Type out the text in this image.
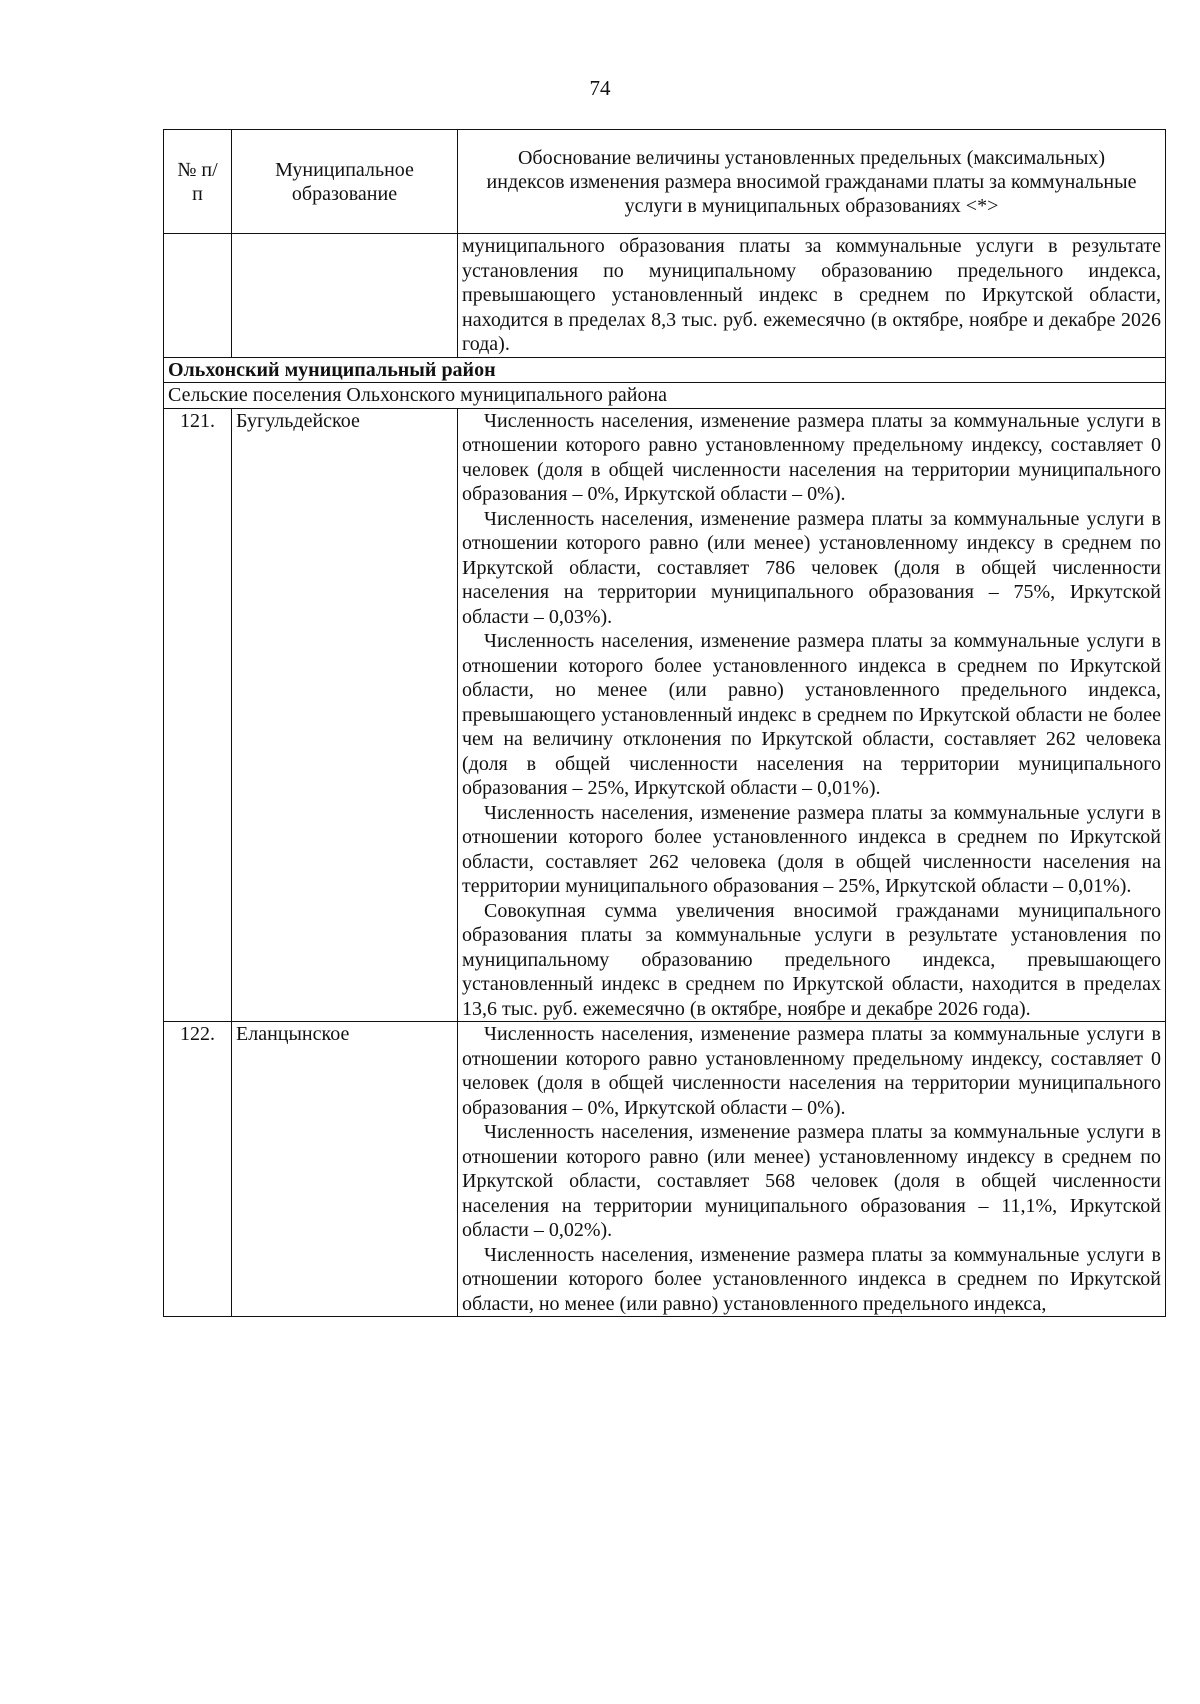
74
№ п/п	Муниципальное образование	Обоснование величины установленных предельных (максимальных) индексов изменения размера вносимой гражданами платы за коммунальные услуги в муниципальных образованиях <*>

		муниципального образования платы за коммунальные услуги в результате установления по муниципальному образованию предельного индекса, превышающего установленный индекс в среднем по Иркутской области, находится в пределах 8,3 тыс. руб. ежемесячно (в октябре, ноябре и декабре 2026 года).

Ольхонский муниципальный район		
Сельские поселения Ольхонского муниципального района		
121.	Бугульдейское	Численность населения, изменение размера платы за коммунальные услуги в отношении которого равно установленному предельному индексу, составляет 0 человек (доля в общей численности населения на территории муниципального образования – 0%, Иркутской области – 0%).
Численность населения, изменение размера платы за коммунальные услуги в отношении которого равно (или менее) установленному индексу в среднем по Иркутской области, составляет 786 человек (доля в общей численности населения на территории муниципального образования – 75%, Иркутской области – 0,03%).
Численность населения, изменение размера платы за коммунальные услуги в отношении которого более установленного индекса в среднем по Иркутской области, но менее (или равно) установленного предельного индекса, превышающего установленный индекс в среднем по Иркутской области не более чем на величину отклонения по Иркутской области, составляет 262 человека (доля в общей численности населения на территории муниципального образования – 25%, Иркутской области – 0,01%).
Численность населения, изменение размера платы за коммунальные услуги в отношении которого более установленного индекса в среднем по Иркутской области, составляет 262 человека (доля в общей численности населения на территории муниципального образования – 25%, Иркутской области – 0,01%).
Совокупная сумма увеличения вносимой гражданами муниципального образования платы за коммунальные услуги в результате установления по муниципальному образованию предельного индекса, превышающего установленный индекс в среднем по Иркутской области, находится в пределах 13,6 тыс. руб. ежемесячно (в октябре, ноябре и декабре 2026 года).

122.	Еланцынское	Численность населения, изменение размера платы за коммунальные услуги в отношении которого равно установленному предельному индексу, составляет 0 человек (доля в общей численности населения на территории муниципального образования – 0%, Иркутской области – 0%).
Численность населения, изменение размера платы за коммунальные услуги в отношении которого равно (или менее) установленному индексу в среднем по Иркутской области, составляет 568 человек (доля в общей численности населения на территории муниципального образования – 11,1%, Иркутской области – 0,02%).
Численность населения, изменение размера платы за коммунальные услуги в отношении которого более установленного индекса в среднем по Иркутской области, но менее (или равно) установленного предельного индекса,
